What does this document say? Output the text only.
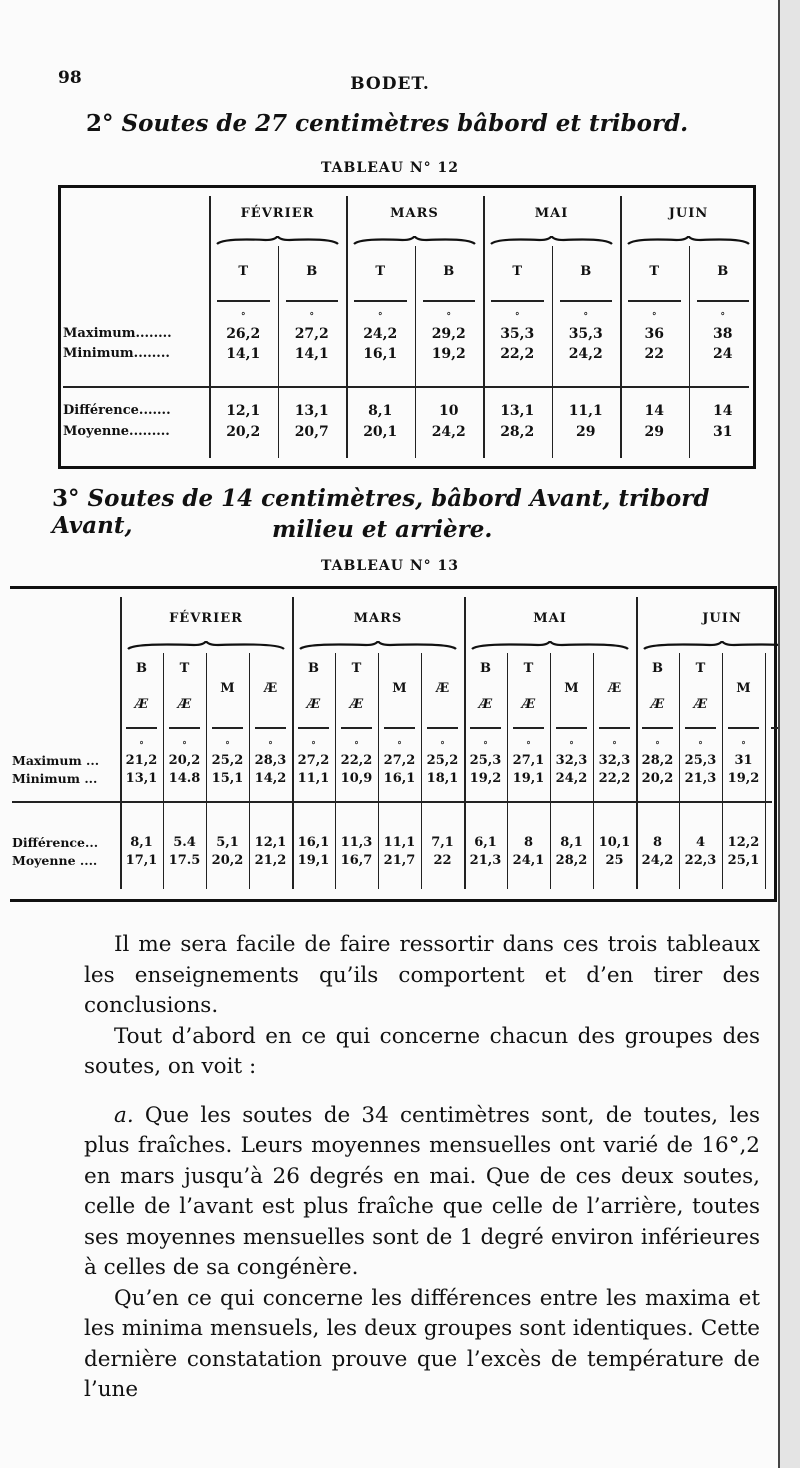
98	BODET.
2° Soutes de 27 centimètres bâbord et tribord.
TABLEAU N° 12
FÉVRIER	MARS	MAI	JUIN
T
°
B
°
T
°
B
°
T
°
B
°
T
°
B
°
Maximum........	26,2	27,2	24,2	29,2	35,3	35,3	36	38
Minimum........	14,1	14,1	16,1	19,2	22,2	24,2	22	24
Différence.......	12,1	13,1	8,1	10	13,1	11,1	14	14
Moyenne.........	20,2	20,7	20,1	24,2	28,2	29	29	31
3° Soutes de 14 centimètres, bâbord Avant, tribord Avant,	milieu et arrière.
TABLEAU N° 13
FÉVRIER	MARS	MAI	JUIN
B
Æ
°
T
Æ
°
M
°
Æ
°
B
Æ
°
T
Æ
°
M
°
Æ
°
B
Æ
°
T
Æ
°
M
°
Æ
°
B
Æ
°
T
Æ
°
M
°
Maximum ...	21,2 20,2 25,2 28,3 27,2 22,2 27,2 25,2 25,3 27,1 32,3 32,3 28,2 25,3	31
Minimum ...	13,1 14.8 15,1 14,2 11,1 10,9 16,1 18,1 19,2 19,1 24,2 22,2 20,2 21,3 19,2
Différence...	8,1	5.4	5,1	12,1 16,1 11,3 11,1	7,1	6,1	8	8,1	10,1	8	4	12,2
Moyenne ....	17,1 17.5 20,2 21,2 19,1 16,7 21,7	22	21,3 24,1 28,2	25	24,2 22,3 25,1

Il me sera facile de faire ressortir dans ces trois tableaux les enseignements qu’ils comportent et d’en tirer des conclusions.

Tout d’abord en ce qui concerne chacun des groupes des soutes, on voit :

a. Que les soutes de 34 centimètres sont, de toutes, les plus fraîches. Leurs moyennes mensuelles ont varié de 16°,2 en mars jusqu’à 26 degrés en mai. Que de ces deux soutes, celle de l’avant est plus fraîche que celle de l’arrière, toutes ses moyennes mensuelles sont de 1 degré environ inférieures à celles de sa congénère.

Qu’en ce qui concerne les différences entre les maxima et les minima mensuels, les deux groupes sont identiques. Cette dernière constatation prouve que l’excès de température de l’une
